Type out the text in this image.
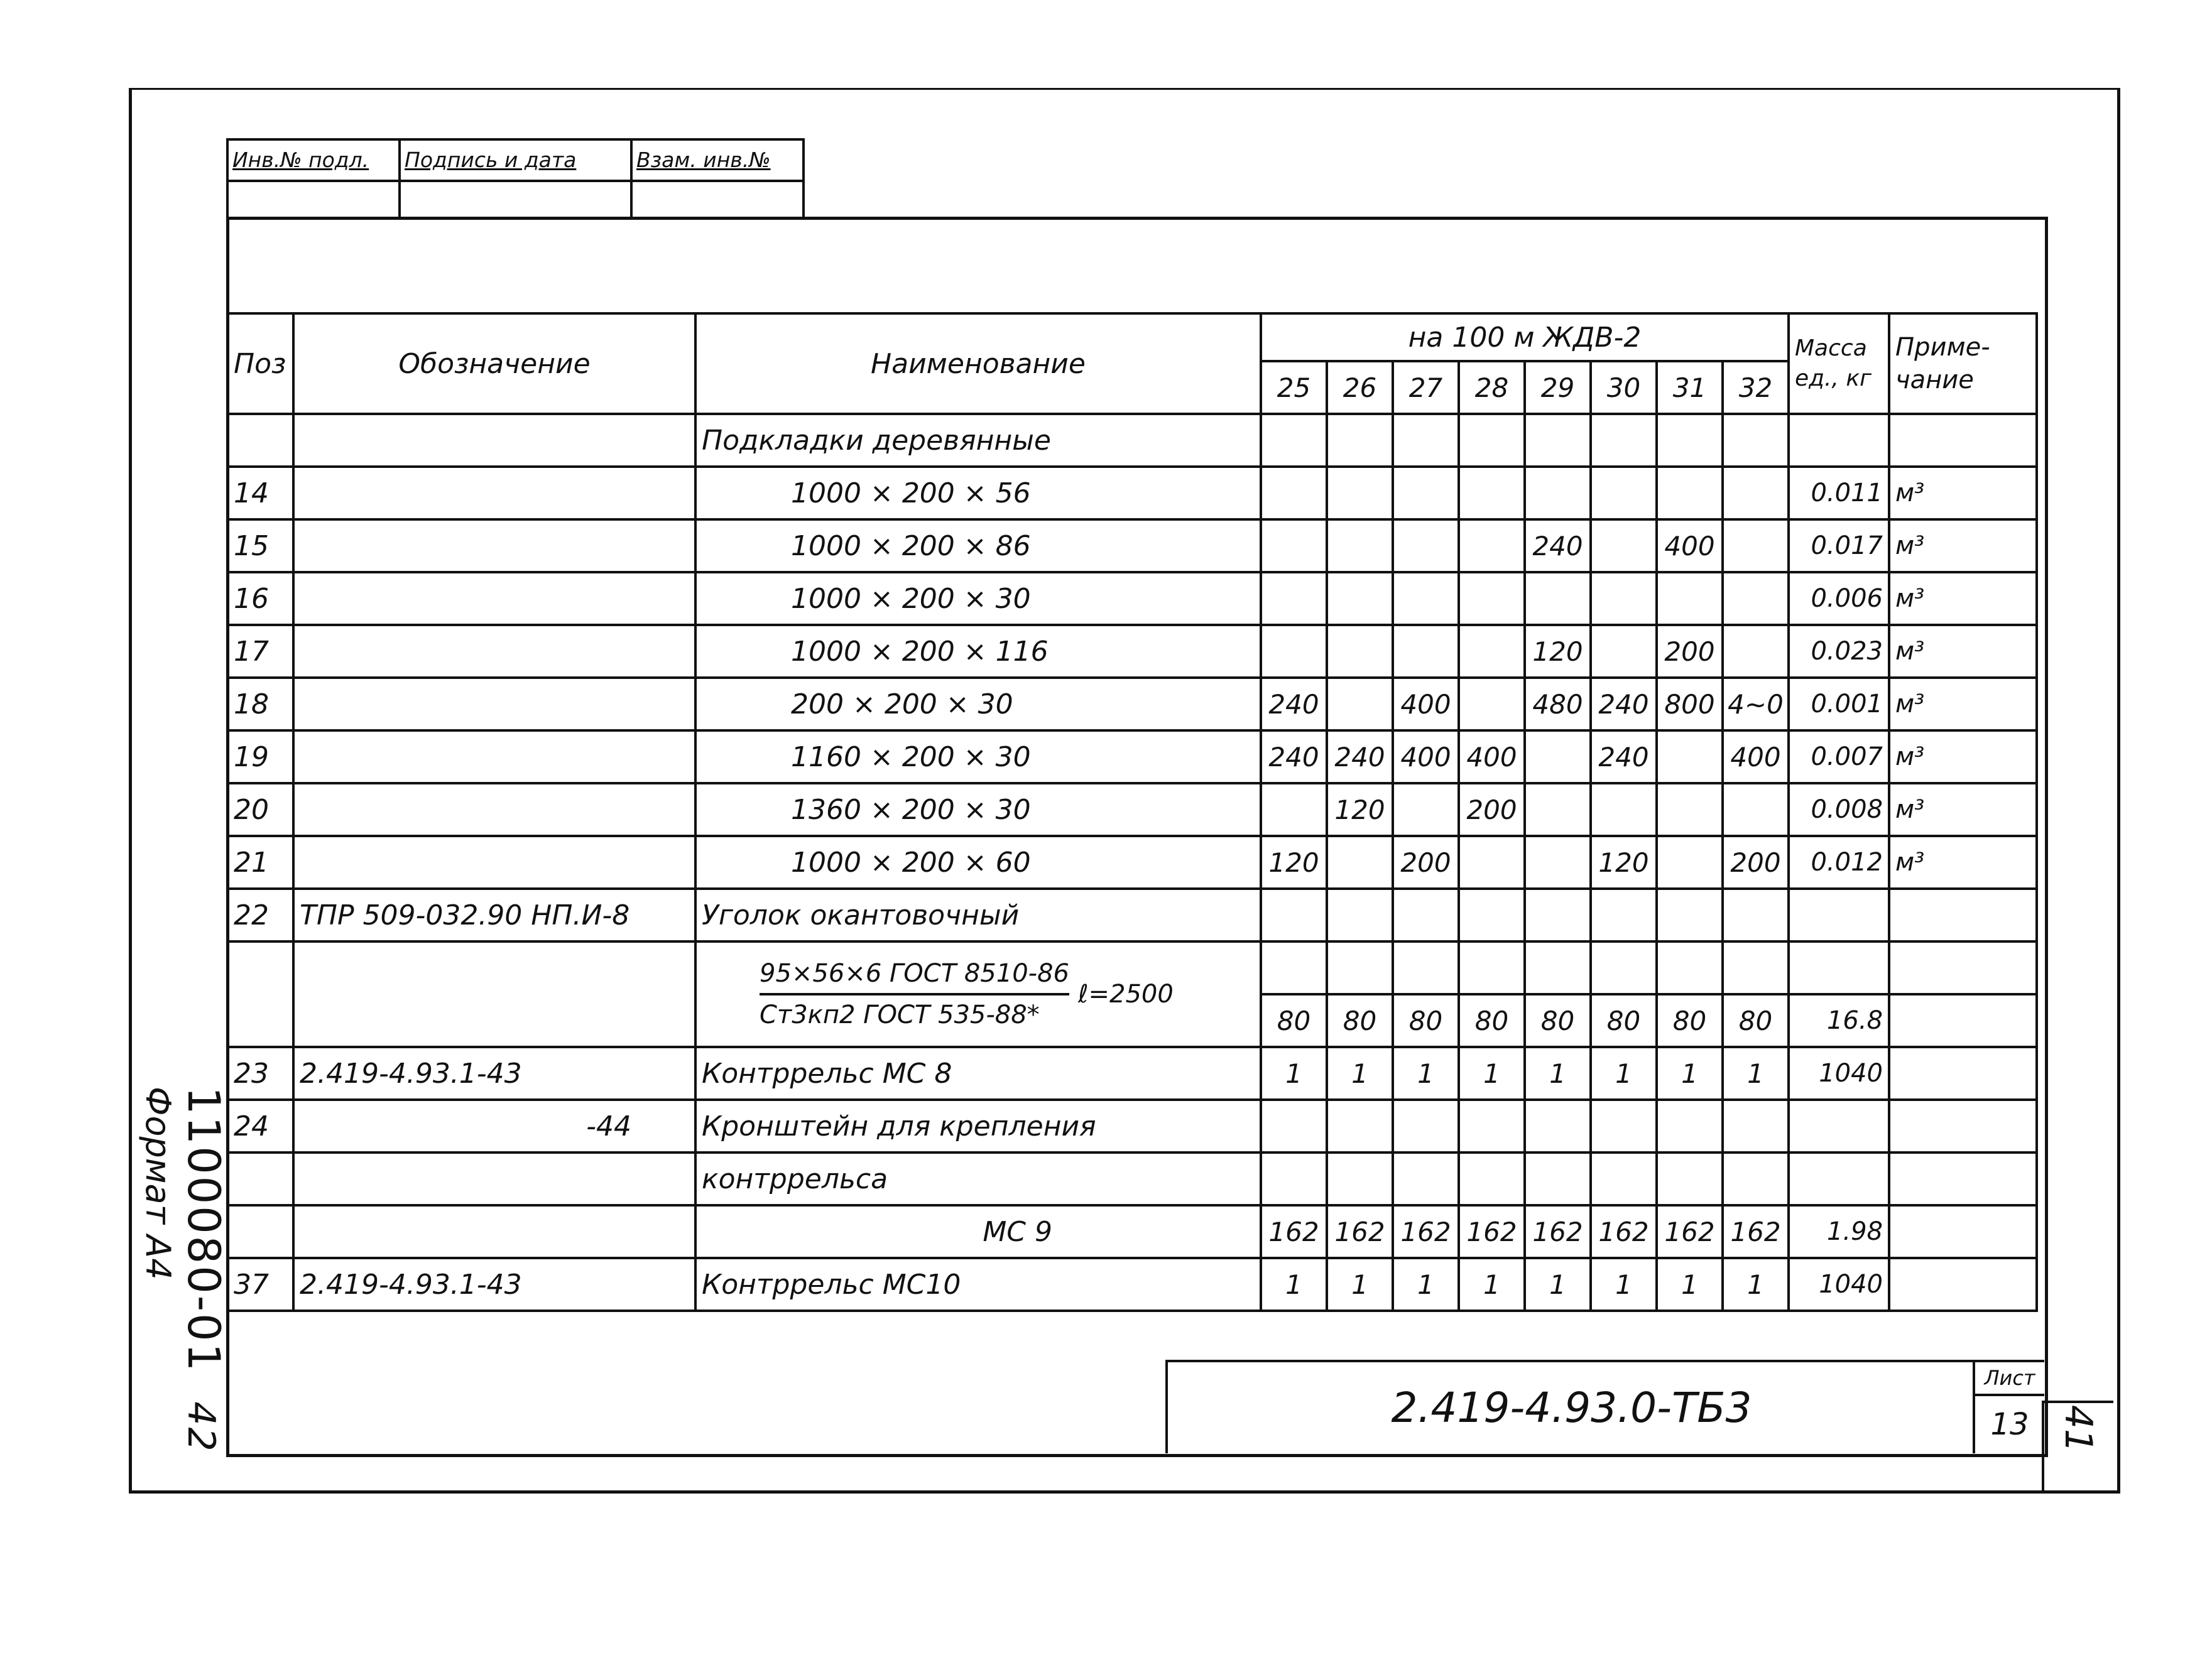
Инв.№ подл.	Подпись и дата	Взам. инв.№
Поз	Обозначение	Наименование	на 100 м ЖДВ-2								Масса ед., кг	Приме- чание
			25	26	27	28	29	30	31	32		
		Подкладки деревянные										
14		1000 × 200 × 56									0.011	м³
15		1000 × 200 × 86					240		400		0.017	м³
16		1000 × 200 × 30									0.006	м³
17		1000 × 200 × 116					120		200		0.023	м³
18		200 × 200 × 30	240		400		480	240	800	4~0	0.001	м³
19		1160 × 200 × 30	240	240	400	400		240		400	0.007	м³
20		1360 × 200 × 30		120		200					0.008	м³
21		1000 × 200 × 60	120		200			120		200	0.012	м³
22	ТПР 509-032.90 НП.И-8	Уголок окантовочный										

		$\frac{\text{95×56×6 ГОСТ 8510-86}}{\text{Ст3кп2 ГОСТ 535-88*}}$ ℓ=2500										
			80	80	80	80	80	80	80	80	16.8	
23	2.419-4.93.1-43	Контррельс МС 8	1	1	1	1	1	1	1	1	1040	
24	-44	Кронштейн для крепления										
		контррельса										
		МС 9	162	162	162	162	162	162	162	162	1.98	
37	2.419-4.93.1-43	Контррельс МС10	1	1	1	1	1	1	1	1	1040	
2.419-4.93.0-ТБ3
Лист
13 41
1100080-01 42
Формат А4
